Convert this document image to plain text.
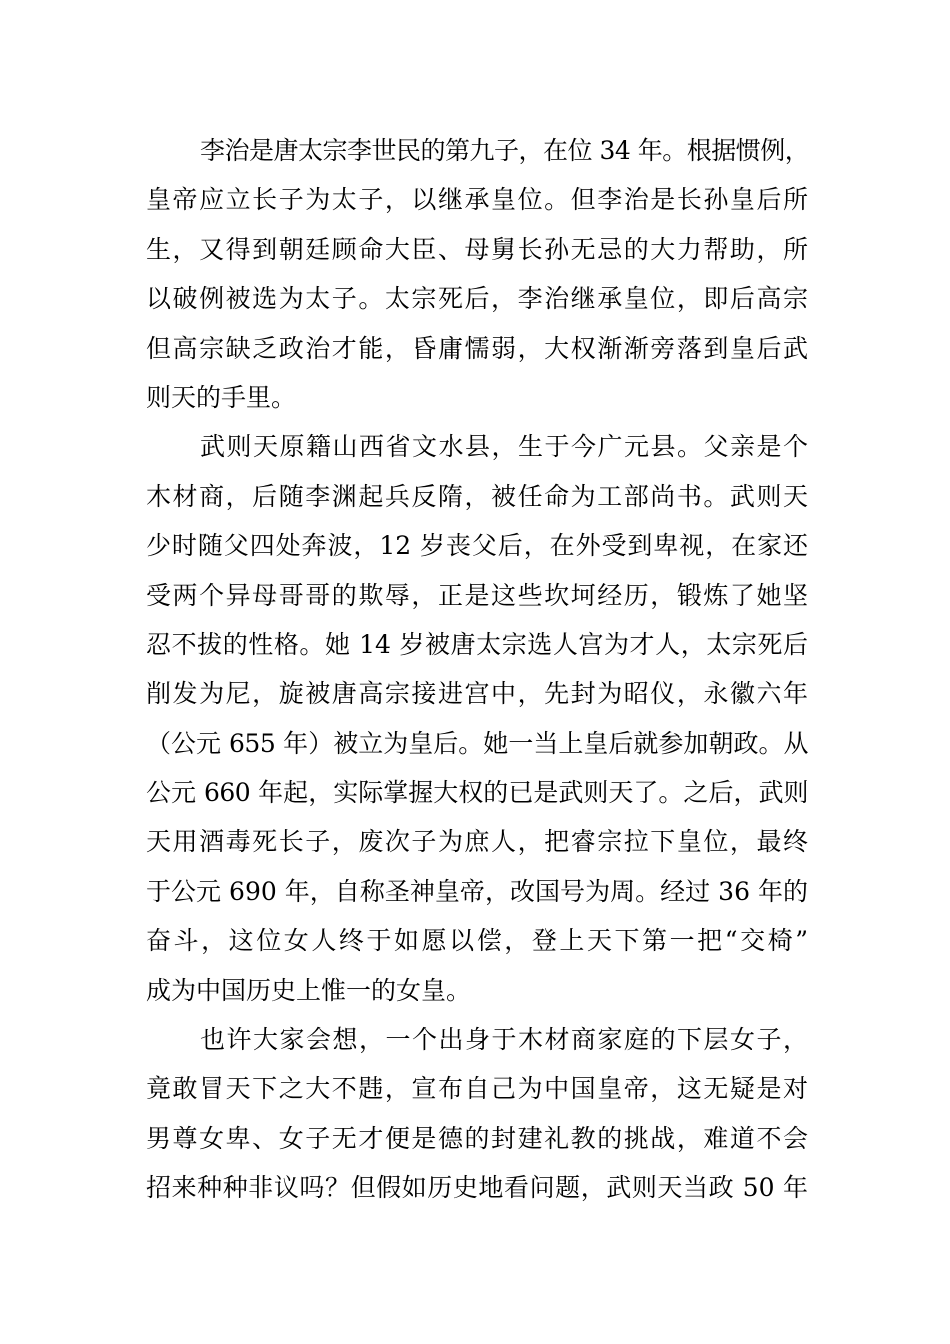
李治是唐太宗李世民的第九子，在位 34 年。根据惯例，
皇帝应立长子为太子，以继承皇位。但李治是长孙皇后所
生，又得到朝廷顾命大臣、母舅长孙无忌的大力帮助，所
以破例被选为太子。太宗死后，李治继承皇位，即后高宗
但高宗缺乏政治才能，昏庸懦弱，大权渐渐旁落到皇后武
则天的手里。
武则天原籍山西省文水县，生于今广元县。父亲是个
木材商，后随李渊起兵反隋，被任命为工部尚书。武则天
少时随父四处奔波，12 岁丧父后，在外受到卑视，在家还
受两个异母哥哥的欺辱，正是这些坎坷经历，锻炼了她坚
忍不拔的性格。她 14 岁被唐太宗选人宫为才人，太宗死后
削发为尼，旋被唐高宗接进宫中，先封为昭仪，永徽六年
（公元 655 年）被立为皇后。她一当上皇后就参加朝政。从
公元 660 年起，实际掌握大权的已是武则天了。之后，武则
天用酒毒死长子，废次子为庶人，把睿宗拉下皇位，最终
于公元 690 年，自称圣神皇帝，改国号为周。经过 36 年的
奋斗，这位女人终于如愿以偿，登上天下第一把“交椅”
成为中国历史上惟一的女皇。
也许大家会想，一个出身于木材商家庭的下层女子，
竟敢冒天下之大不韪，宣布自己为中国皇帝，这无疑是对
男尊女卑、女子无才便是德的封建礼教的挑战，难道不会
招来种种非议吗？但假如历史地看问题，武则天当政 50 年
